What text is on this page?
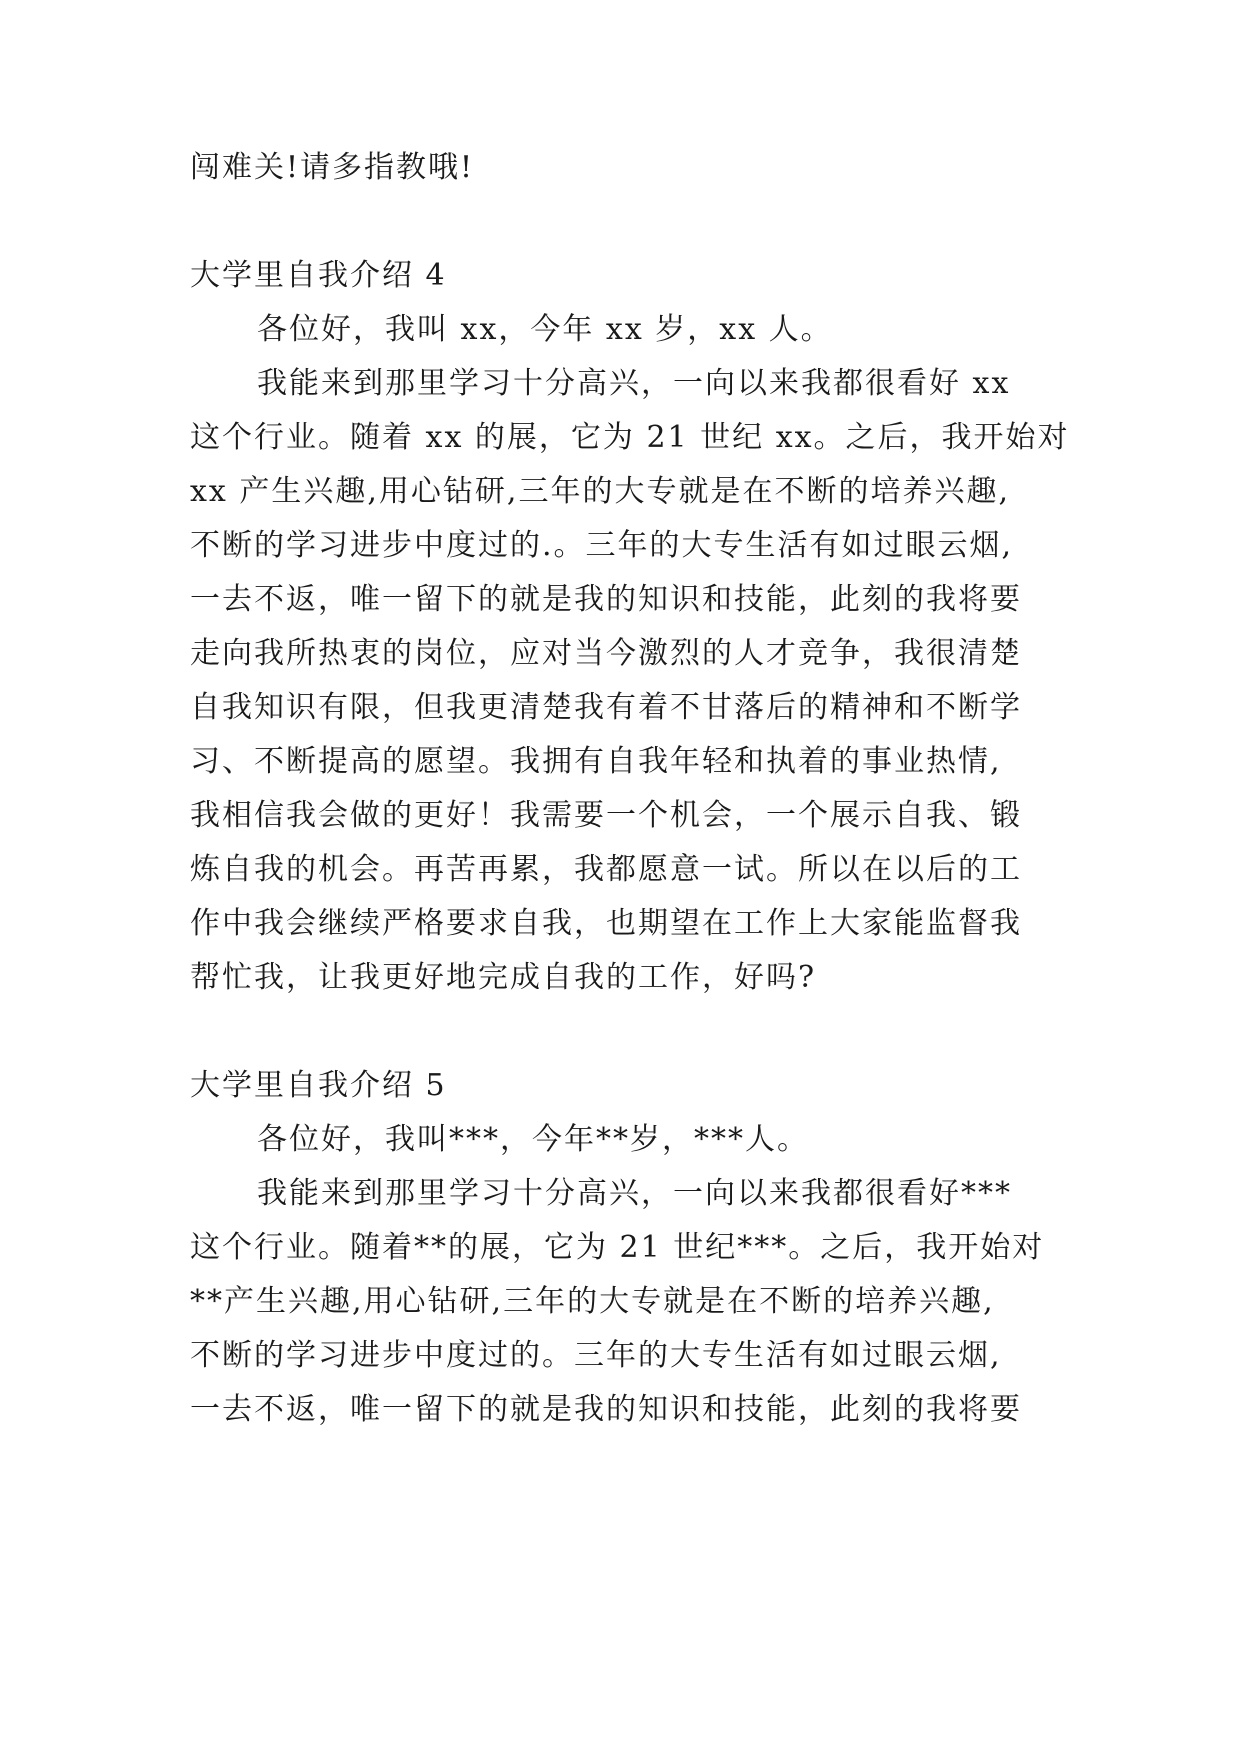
闯难关!请多指教哦!
大学里自我介绍 4
各位好，我叫 xx，今年 xx 岁，xx 人。
我能来到那里学习十分高兴，一向以来我都很看好 xx
这个行业。随着 xx 的展，它为 21 世纪 xx。之后，我开始对
xx 产生兴趣,用心钻研,三年的大专就是在不断的培养兴趣,
不断的学习进步中度过的.。三年的大专生活有如过眼云烟,
一去不返，唯一留下的就是我的知识和技能，此刻的我将要
走向我所热衷的岗位，应对当今激烈的人才竞争，我很清楚
自我知识有限，但我更清楚我有着不甘落后的精神和不断学
习、不断提高的愿望。我拥有自我年轻和执着的事业热情,
我相信我会做的更好！我需要一个机会，一个展示自我、锻
炼自我的机会。再苦再累，我都愿意一试。所以在以后的工
作中我会继续严格要求自我，也期望在工作上大家能监督我
帮忙我，让我更好地完成自我的工作，好吗?
大学里自我介绍 5
各位好，我叫***，今年**岁，***人。
我能来到那里学习十分高兴，一向以来我都很看好***
这个行业。随着**的展，它为 21 世纪***。之后，我开始对
**产生兴趣,用心钻研,三年的大专就是在不断的培养兴趣,
不断的学习进步中度过的。三年的大专生活有如过眼云烟,
一去不返，唯一留下的就是我的知识和技能，此刻的我将要
